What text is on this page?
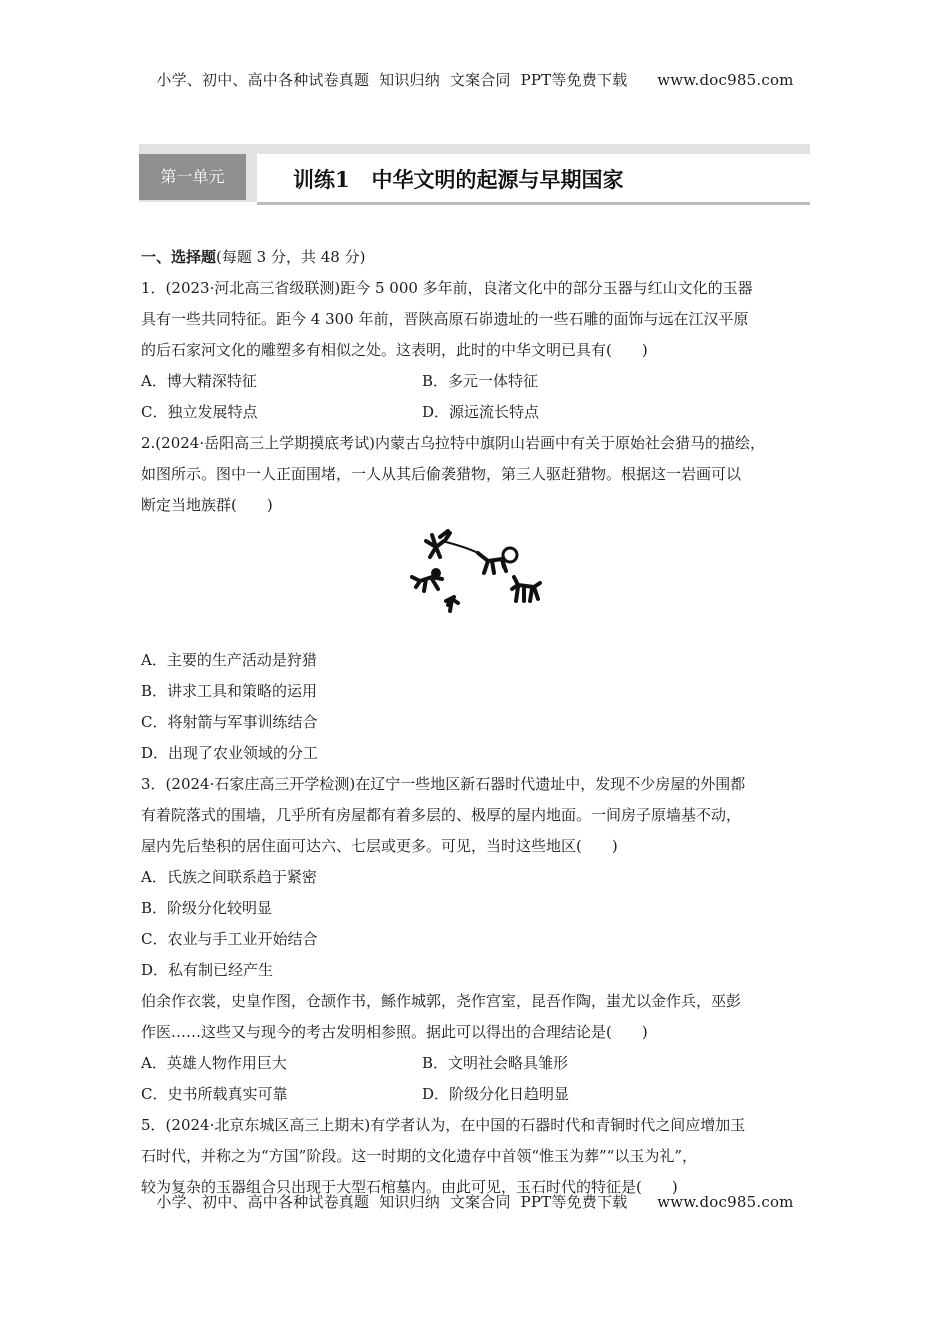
小学、初中、高中各种试卷真题  知识归纳  文案合同  PPT等免费下载      www.doc985.com
第一单元	训练1   中华文明的起源与早期国家
一、选择题(每题 3 分，共 48 分)
1．(2023·河北高三省级联测)距今 5 000 多年前，良渚文化中的部分玉器与红山文化的玉器
具有一些共同特征。距今 4 300 年前，晋陕高原石峁遗址的一些石雕的面饰与远在江汉平原
的后石家河文化的雕塑多有相似之处。这表明，此时的中华文明已具有(　　)
A．博大精深特征	B．多元一体特征
C．独立发展特点	D．源远流长特点
2.(2024·岳阳高三上学期摸底考试)内蒙古乌拉特中旗阴山岩画中有关于原始社会猎马的描绘，
如图所示。图中一人正面围堵，一人从其后偷袭猎物，第三人驱赶猎物。根据这一岩画可以
断定当地族群(　　)
A．主要的生产活动是狩猎
B．讲求工具和策略的运用
C．将射箭与军事训练结合
D．出现了农业领域的分工
3．(2024·石家庄高三开学检测)在辽宁一些地区新石器时代遗址中，发现不少房屋的外围都
有着院落式的围墙，几乎所有房屋都有着多层的、极厚的屋内地面。一间房子原墙基不动，
屋内先后垫积的居住面可达六、七层或更多。可见，当时这些地区(　　)
A．氏族之间联系趋于紧密
B．阶级分化较明显
C．农业与手工业开始结合
D．私有制已经产生
伯余作衣裳，史皇作图，仓颉作书，鲧作城郭，尧作宫室，昆吾作陶，蚩尤以金作兵，巫彭
作医……这些又与现今的考古发明相参照。据此可以得出的合理结论是(　　)
A．英雄人物作用巨大	B．文明社会略具雏形
C．史书所载真实可靠	D．阶级分化日趋明显
5．(2024·北京东城区高三上期末)有学者认为，在中国的石器时代和青铜时代之间应增加玉
石时代，并称之为“方国”阶段。这一时期的文化遗存中首领“惟玉为葬”“以玉为礼”，
较为复杂的玉器组合只出现于大型石棺墓内。由此可见，玉石时代的特征是(　　)
小学、初中、高中各种试卷真题  知识归纳  文案合同  PPT等免费下载      www.doc985.com
